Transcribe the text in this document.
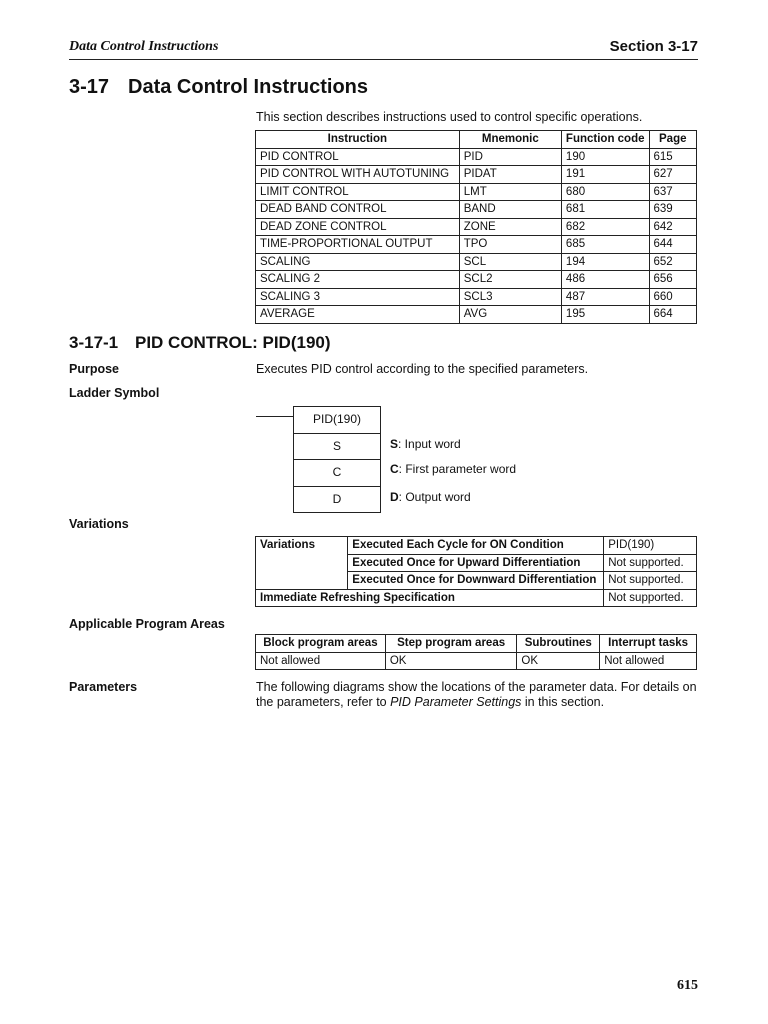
Data Control Instructions	Section 3-17
3-17 Data Control Instructions
This section describes instructions used to control specific operations.
Instruction	Mnemonic	Function code	Page
PID CONTROL	PID	190	615
PID CONTROL WITH AUTOTUNING	PIDAT	191	627
LIMIT CONTROL	LMT	680	637
DEAD BAND CONTROL	BAND	681	639
DEAD ZONE CONTROL	ZONE	682	642
TIME-PROPORTIONAL OUTPUT	TPO	685	644
SCALING	SCL	194	652
SCALING 2	SCL2	486	656
SCALING 3	SCL3	487	660
AVERAGE	AVG	195	664
3-17-1 PID CONTROL: PID(190)
Purpose	Executes PID control according to the specified parameters.
Ladder Symbol
PID(190)
S
C
D
S: Input word
C: First parameter word
D: Output word
Variations
Variations	Executed Each Cycle for ON Condition	PID(190)
	Executed Once for Upward Differentiation	Not supported.
	Executed Once for Downward Differentiation	Not supported.
Immediate Refreshing Specification		Not supported.
Applicable Program Areas
Block program areas	Step program areas	Subroutines	Interrupt tasks
Not allowed	OK	OK	Not allowed
Parameters	The following diagrams show the locations of the parameter data. For details on the parameters, refer to PID Parameter Settings in this section.
615
